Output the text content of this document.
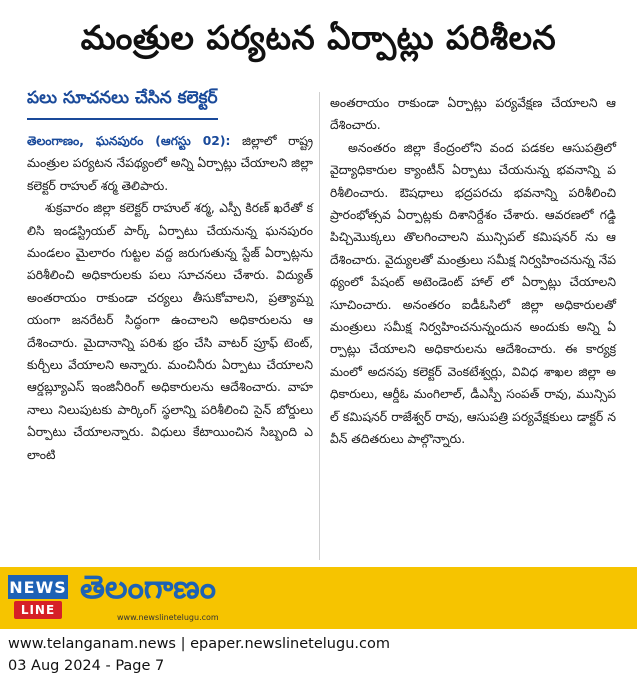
మంత్రుల పర్యటన ఏర్పాట్లు పరిశీలన
పలు సూచనలు చేసిన కలెక్టర్

తెలంగాణం, ఘనపురం (ఆగస్టు 02): జిల్లాలో రాష్ట్ర మంత్రుల పర్యటన నేపథ్యంలో అన్ని ఏర్పాట్లు చేయాలని జిల్లా కలెక్టర్ రాహుల్ శర్మ తెలిపారు.

శుక్రవారం జిల్లా కలెక్టర్ రాహుల్ శర్మ, ఎస్పీ కిరణ్ ఖరేతో కలిసి ఇండస్ట్రియల్ పార్క్ ఏర్పాటు చేయనున్న ఘనపురం మండలం మైలారం గుట్టల వద్ద జరుగుతున్న స్టేజ్ ఏర్పాట్లను పరిశీలించి అధికారులకు పలు సూచనలు చేశారు. విద్యుత్ అంతరాయం రాకుండా చర్యలు తీసుకోవాలని, ప్రత్యామ్నయంగా జనరేటర్ సిద్ధంగా ఉంచాలని అధికారులను ఆదేశించారు. మైదానాన్ని పరిశు భ్రం చేసి వాటర్ ప్రూఫ్ టెంట్, కుర్చీలు వేయాలని అన్నారు. మంచినీరు ఏర్పాటు చేయాలని ఆర్డబ్ల్యూఎస్ ఇంజినీరింగ్ అధికారులను ఆదేశించారు. వాహనాలు నిలుపుటకు పార్కింగ్ స్థలాన్ని పరిశీలించి సైన్ బోర్డులు ఏర్పాటు చేయాలన్నారు. విధులు కేటాయించిన సిబ్బంది ఎలాంటి

అంతరాయం రాకుండా ఏర్పాట్లు పర్యవేక్షణ చేయాలని ఆదేశించారు.

అనంతరం జిల్లా కేంద్రంలోని వంద పడకల ఆసుపత్రిలో వైద్యాధికారుల క్యాంటీన్ ఏర్పాటు చేయనున్న భవనాన్ని పరిశీలించారు. ఔషధాలు భద్రపరచు భవనాన్ని పరిశీలించి ప్రారంభోత్సవ ఏర్పాట్లకు దిశానిర్దేశం చేశారు. ఆవరణలో గడ్డి పిచ్చిమొక్కలు తొలగించాలని మున్సిపల్ కమిషనర్ ను ఆదేశించారు. వైద్యులతో మంత్రులు సమీక్ష నిర్వహించనున్న నేపథ్యంలో పేషంట్ అటెండెంట్ హాల్ లో ఏర్పాట్లు చేయాలని సూచించారు. అనంతరం ఐడీఓసిలో జిల్లా అధికారులతో మంత్రులు సమీక్ష నిర్వహించనున్నందున అందుకు అన్ని ఏర్పాట్లు చేయాలని అధికారులను ఆదేశించారు. ఈ కార్యక్రమంలో అదనపు కలెక్టర్ వెంకటేశ్వర్లు, వివిధ శాఖల జిల్లా అధికారులు, ఆర్డీఓ మంగిలాల్, డీఎస్పీ సంపత్ రావు, మున్సిపల్ కమిషనర్ రాజేశ్వర్ రావు, ఆసుపత్రి పర్యవేక్షకులు డాక్టర్ నవీన్ తదితరులు పాల్గొన్నారు.

NEWS
LINE
తెలంగాణం
www.newslinetelugu.com
www.telanganam.news | epaper.newslinetelugu.com
03 Aug 2024 - Page 7
